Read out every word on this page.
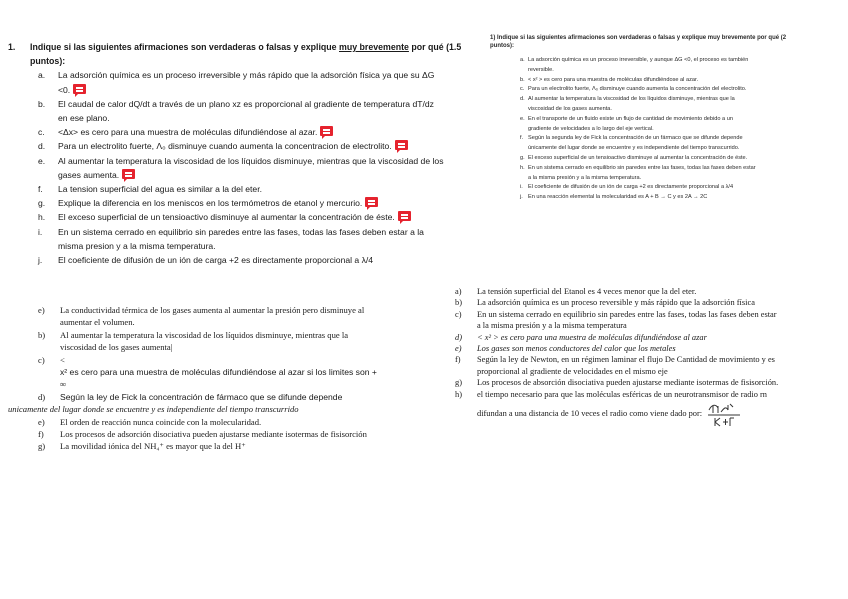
1. Indique si las siguientes afirmaciones son verdaderas o falsas y explique muy brevemente por qué (1.5
puntos):
a. La adsorción química es un proceso irreversible y más rápido que la adsorción física ya que su ΔG
<0.
b. El caudal de calor dQ/dt a través de un plano xz es proporcional al gradiente de temperatura dT/dz
en ese plano.
c. <Δx> es cero para una muestra de moléculas difundiéndose al azar.
d. Para un electrolito fuerte, Λ₀ disminuye cuando aumenta la concentracion de electrolito.
e. Al aumentar la temperatura la viscosidad de los líquidos disminuye, mientras que la viscosidad de los
gases aumenta.
f. La tension superficial del agua es similar a la del eter.
g. Explique la diferencia en los meniscos en los termómetros de etanol y mercurio.
h. El exceso superficial de un tensioactivo disminuye al aumentar la concentración de éste.
i. En un sistema cerrado en equilibrio sin paredes entre las fases, todas las fases deben estar a la
misma presion y a la misma temperatura.
j. El coeficiente de difusión de un ión de carga +2 es directamente proporcional a λ/4
e) La conductividad térmica de los gases aumenta al aumentar la presión pero disminuye al
aumentar el volumen.
b) Al aumentar la temperatura la viscosidad de los líquidos disminuye, mientras que la
viscosidad de los gases aumenta|
c) <
x² es cero para una muestra de moléculas difundiéndose al azar si los limites son +
∞
d) Según la ley de Fick la concentración de fármaco que se difunde depende
unicamente del lugar donde se encuentre y es independiente del tiempo transcurrido
e) El orden de reacción nunca coincide con la molecularidad.
f) Los procesos de adsorción disociativa pueden ajustarse mediante isotermas de fisisorción
g) La movilidad iónica del NH₄⁺ es mayor que la del H⁺
1) Indique si las siguientes afirmaciones son verdaderas o falsas y explique muy brevemente por qué (2
puntos):
a. La adsorción química es un proceso irreversible, y aunque ΔG <0, el proceso es también
reversible.
b. < x² > es cero para una muestra de moléculas difundiéndose al azar.
c. Para un electrolito fuerte, Λ₀ disminuye cuando aumenta la concentración del electrolito.
d. Al aumentar la temperatura la viscosidad de los líquidos disminuye, mientras que la
viscosidad de los gases aumenta.
e. En el transporte de un fluido existe un flujo de cantidad de movimiento debido a un
gradiente de velocidades a lo largo del eje vertical.
f. Según la segunda ley de Fick la concentración de un fármaco que se difunde depende
únicamente del lugar donde se encuentre y es independiente del tiempo transcurrido.
g. El exceso superficial de un tensioactivo disminuye al aumentar la concentración de éste.
h. En un sistema cerrado en equilibrio sin paredes entre las fases, todas las fases deben estar
a la misma presión y a la misma temperatura.
i. El coeficiente de difusión de un ión de carga +2 es directamente proporcional a λ/4
j. En una reacción elemental la molecularidad es A + B → C y es 2A → 2C
a) La tensión superficial del Etanol es 4 veces menor que la del eter.
b) La adsorción química es un proceso reversible y más rápido que la adsorción física
c) En un sistema cerrado en equilibrio sin paredes entre las fases, todas las fases deben estar
a la misma presión y a la misma temperatura
d) < x² > es cero para una muestra de moléculas difundiéndose al azar
e) Los gases son menos conductores del calor que los metales
f) Según la ley de Newton, en un régimen laminar el flujo De Cantidad de movimiento y es
proporcional al gradiente de velocidades en el mismo eje
g) Los procesos de absorción disociativa pueden ajustarse mediante isotermas de fisisorción.
h) el tiempo necesario para que las moléculas esféricas de un neurotransmisor de radio rn
difundan a una distancia de 10 veces el radio como viene dado por:
